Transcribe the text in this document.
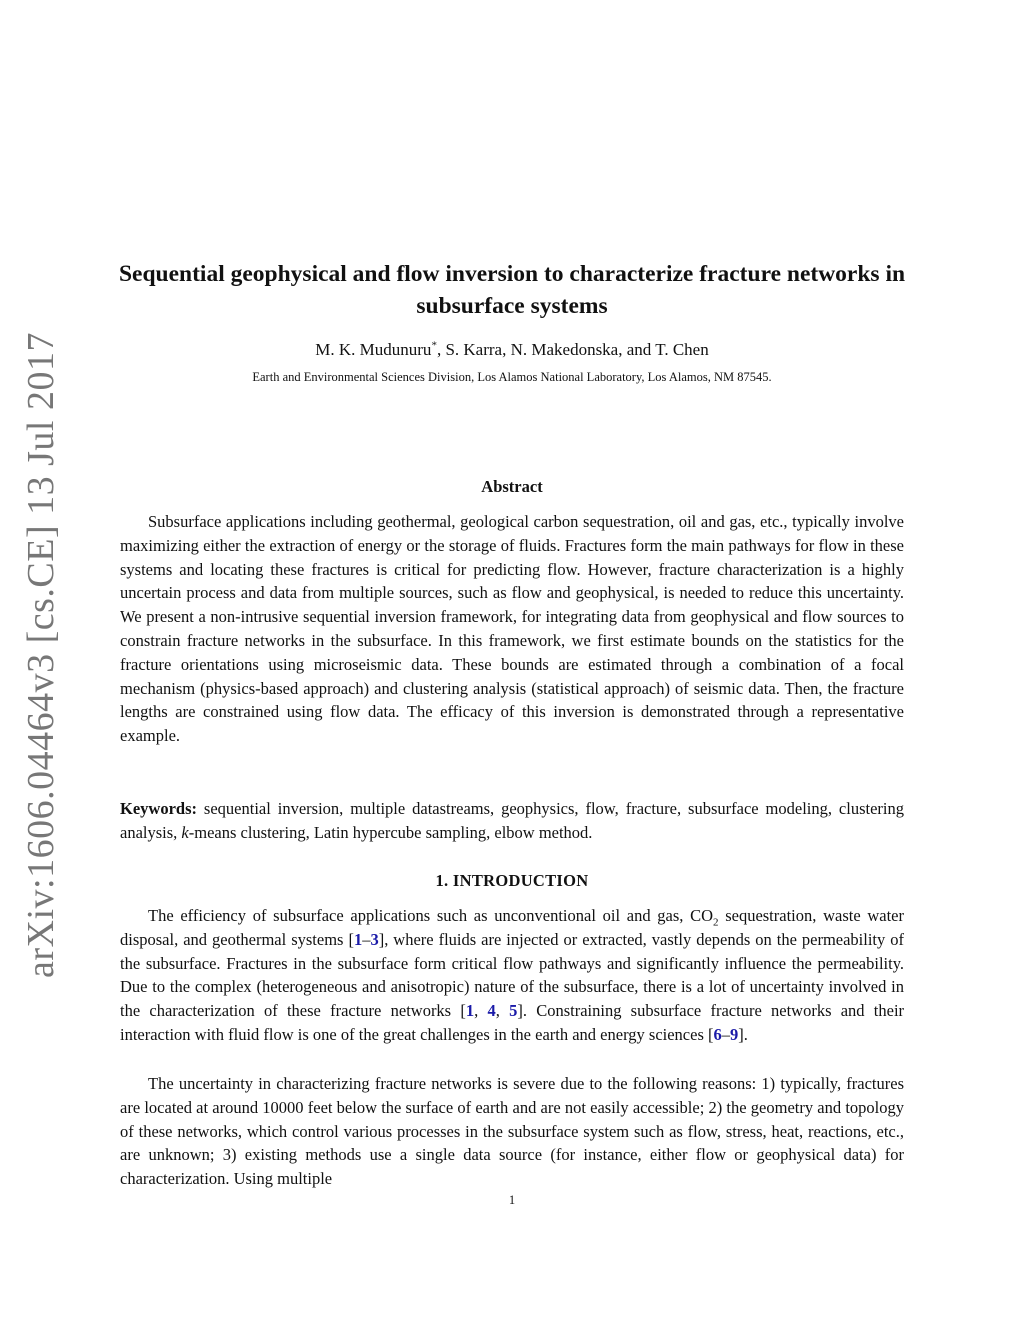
arXiv:1606.04464v3 [cs.CE] 13 Jul 2017
Sequential geophysical and flow inversion to characterize fracture networks in subsurface systems
M. K. Mudunuru*, S. Karra, N. Makedonska, and T. Chen
Earth and Environmental Sciences Division, Los Alamos National Laboratory, Los Alamos, NM 87545.
Abstract

Subsurface applications including geothermal, geological carbon sequestration, oil and gas, etc., typically involve maximizing either the extraction of energy or the storage of fluids. Fractures form the main pathways for flow in these systems and locating these fractures is critical for predicting flow. However, fracture characterization is a highly uncertain process and data from multiple sources, such as flow and geophysical, is needed to reduce this uncertainty. We present a non-intrusive sequential inversion framework, for integrating data from geophysical and flow sources to constrain fracture networks in the subsurface. In this framework, we first estimate bounds on the statistics for the fracture orientations using microseismic data. These bounds are estimated through a combination of a focal mechanism (physics-based approach) and clustering analysis (statistical approach) of seismic data. Then, the fracture lengths are constrained using flow data. The efficacy of this inversion is demonstrated through a representative example.

Keywords: sequential inversion, multiple datastreams, geophysics, flow, fracture, subsurface modeling, clustering analysis, k-means clustering, Latin hypercube sampling, elbow method.

1. INTRODUCTION

The efficiency of subsurface applications such as unconventional oil and gas, $CO_2$ sequestration, waste water disposal, and geothermal systems [1–3], where fluids are injected or extracted, vastly depends on the permeability of the subsurface. Fractures in the subsurface form critical flow pathways and significantly influence the permeability. Due to the complex (heterogeneous and anisotropic) nature of the subsurface, there is a lot of uncertainty involved in the characterization of these fracture networks [1, 4, 5]. Constraining subsurface fracture networks and their interaction with fluid flow is one of the great challenges in the earth and energy sciences [6–9].

The uncertainty in characterizing fracture networks is severe due to the following reasons: 1) typically, fractures are located at around 10000 feet below the surface of earth and are not easily accessible; 2) the geometry and topology of these networks, which control various processes in the subsurface system such as flow, stress, heat, reactions, etc., are unknown; 3) existing methods use a single data source (for instance, either flow or geophysical data) for characterization. Using multiple

1
